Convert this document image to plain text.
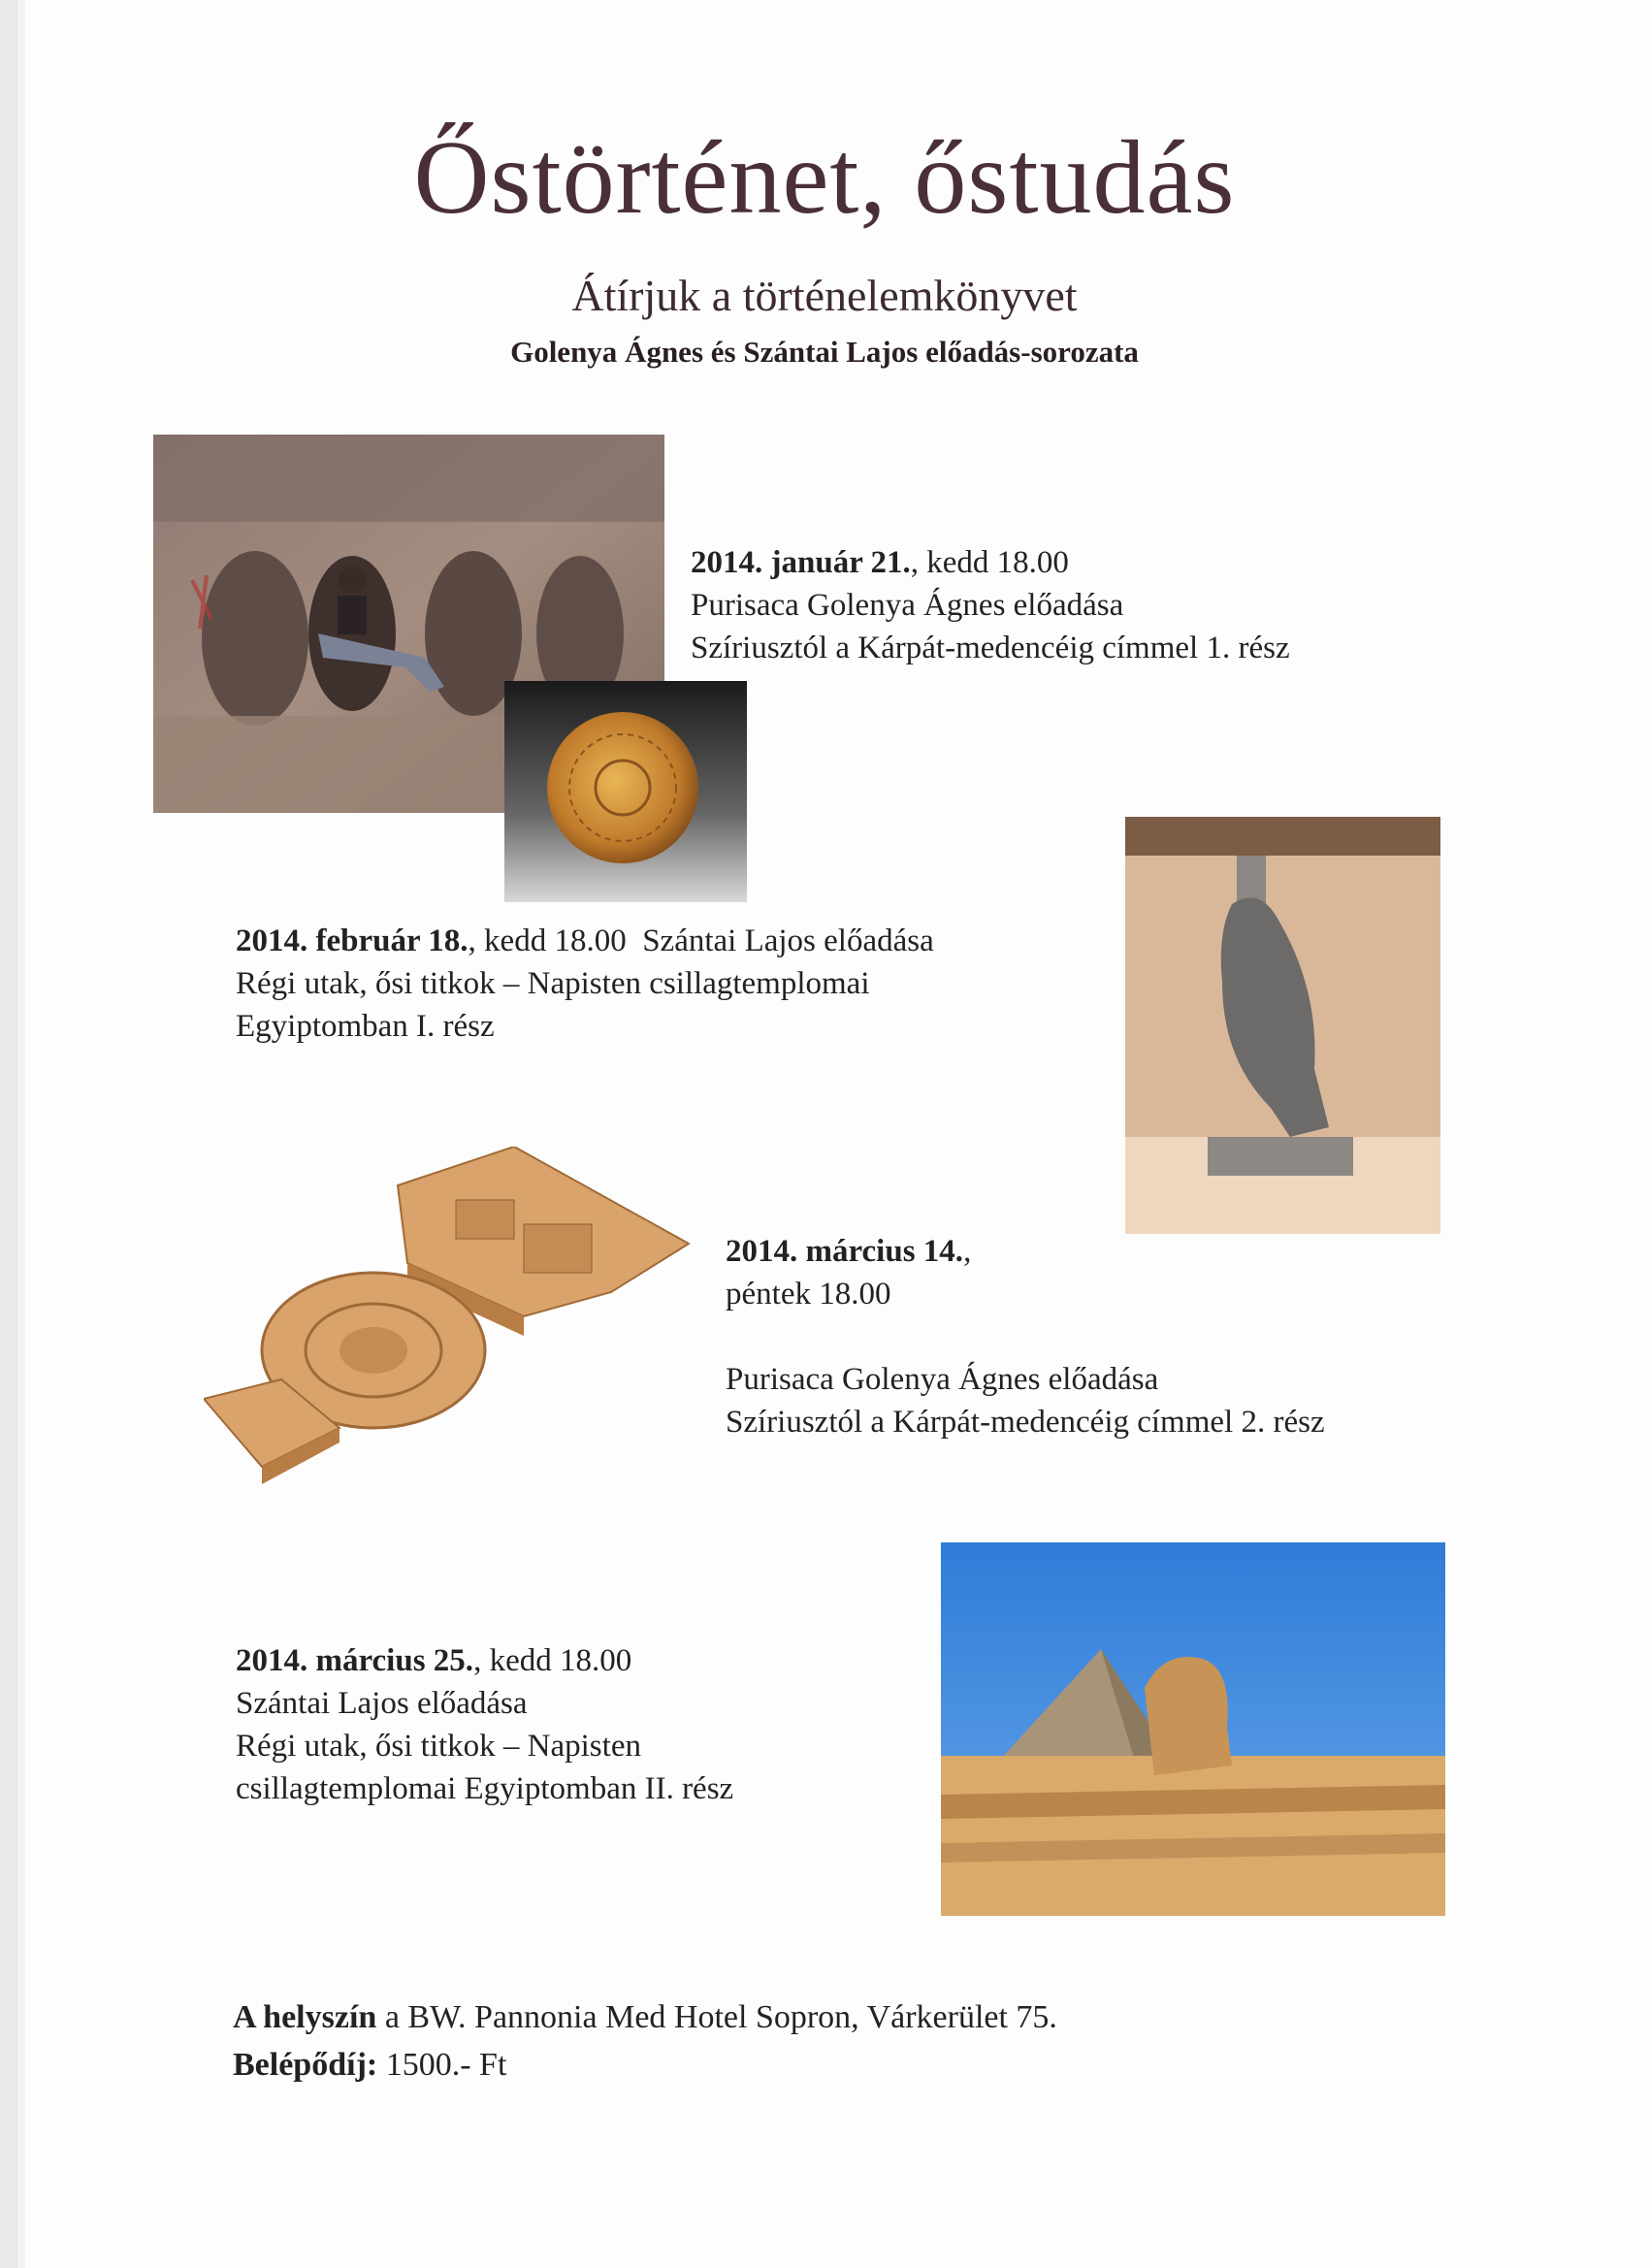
Őstörténet, őstudás
Átírjuk a történelemkönyvet
Golenya Ágnes és Szántai Lajos előadás-sorozata
2014. január 21., kedd 18.00
Purisaca Golenya Ágnes előadása
Szíriusztól a Kárpát-medencéig címmel 1. rész
2014. február 18., kedd 18.00  Szántai Lajos előadása
Régi utak, ősi titkok – Napisten csillagtemplomai
Egyiptomban I. rész
2014. március 14.,
péntek 18.00
Purisaca Golenya Ágnes előadása
Szíriusztól a Kárpát-medencéig címmel 2. rész
2014. március 25., kedd 18.00
Szántai Lajos előadása
Régi utak, ősi titkok – Napisten
csillagtemplomai Egyiptomban II. rész
A helyszín a BW. Pannonia Med Hotel Sopron, Várkerület 75.
Belépődíj: 1500.- Ft
